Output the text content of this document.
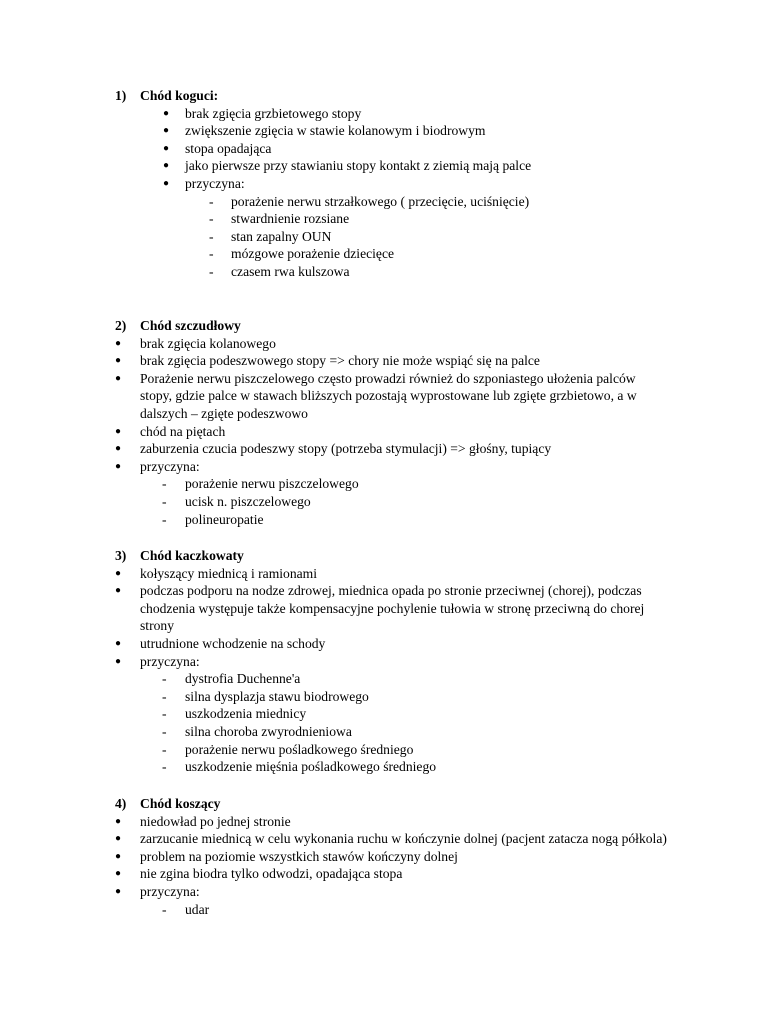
1) Chód koguci:
● brak zgięcia grzbietowego stopy
● zwiększenie zgięcia w stawie kolanowym i biodrowym
● stopa opadająca
● jako pierwsze przy stawianiu stopy kontakt z ziemią mają palce
● przyczyna:
- porażenie nerwu strzałkowego ( przecięcie, uciśnięcie)
- stwardnienie rozsiane
- stan zapalny OUN
- mózgowe porażenie dziecięce
- czasem rwa kulszowa
2) Chód szczudłowy
● brak zgięcia kolanowego
● brak zgięcia podeszwowego stopy => chory nie może wspiąć się na palce
● Porażenie nerwu piszczelowego często prowadzi również do szponiastego ułożenia palców stopy, gdzie palce w stawach bliższych pozostają wyprostowane lub zgięte grzbietowo, a w dalszych – zgięte podeszwowo
● chód na piętach
● zaburzenia czucia podeszwy stopy (potrzeba stymulacji) => głośny, tupiący
● przyczyna:
- porażenie nerwu piszczelowego
- ucisk n. piszczelowego
- polineuropatie
3) Chód kaczkowaty
● kołyszący miednicą i ramionami
● podczas podporu na nodze zdrowej, miednica opada po stronie przeciwnej (chorej), podczas chodzenia występuje także kompensacyjne pochylenie tułowia w stronę przeciwną do chorej strony
● utrudnione wchodzenie na schody
● przyczyna:
- dystrofia Duchenne'a
- silna dysplazja stawu biodrowego
- uszkodzenia miednicy
- silna choroba zwyrodnieniowa
- porażenie nerwu pośladkowego średniego
- uszkodzenie mięśnia pośladkowego średniego
4) Chód koszący
● niedowład po jednej stronie
● zarzucanie miednicą w celu wykonania ruchu w kończynie dolnej (pacjent zatacza nogą półkola)
● problem na poziomie wszystkich stawów kończyny dolnej
● nie zgina biodra tylko odwodzi, opadająca stopa
● przyczyna:
- udar
